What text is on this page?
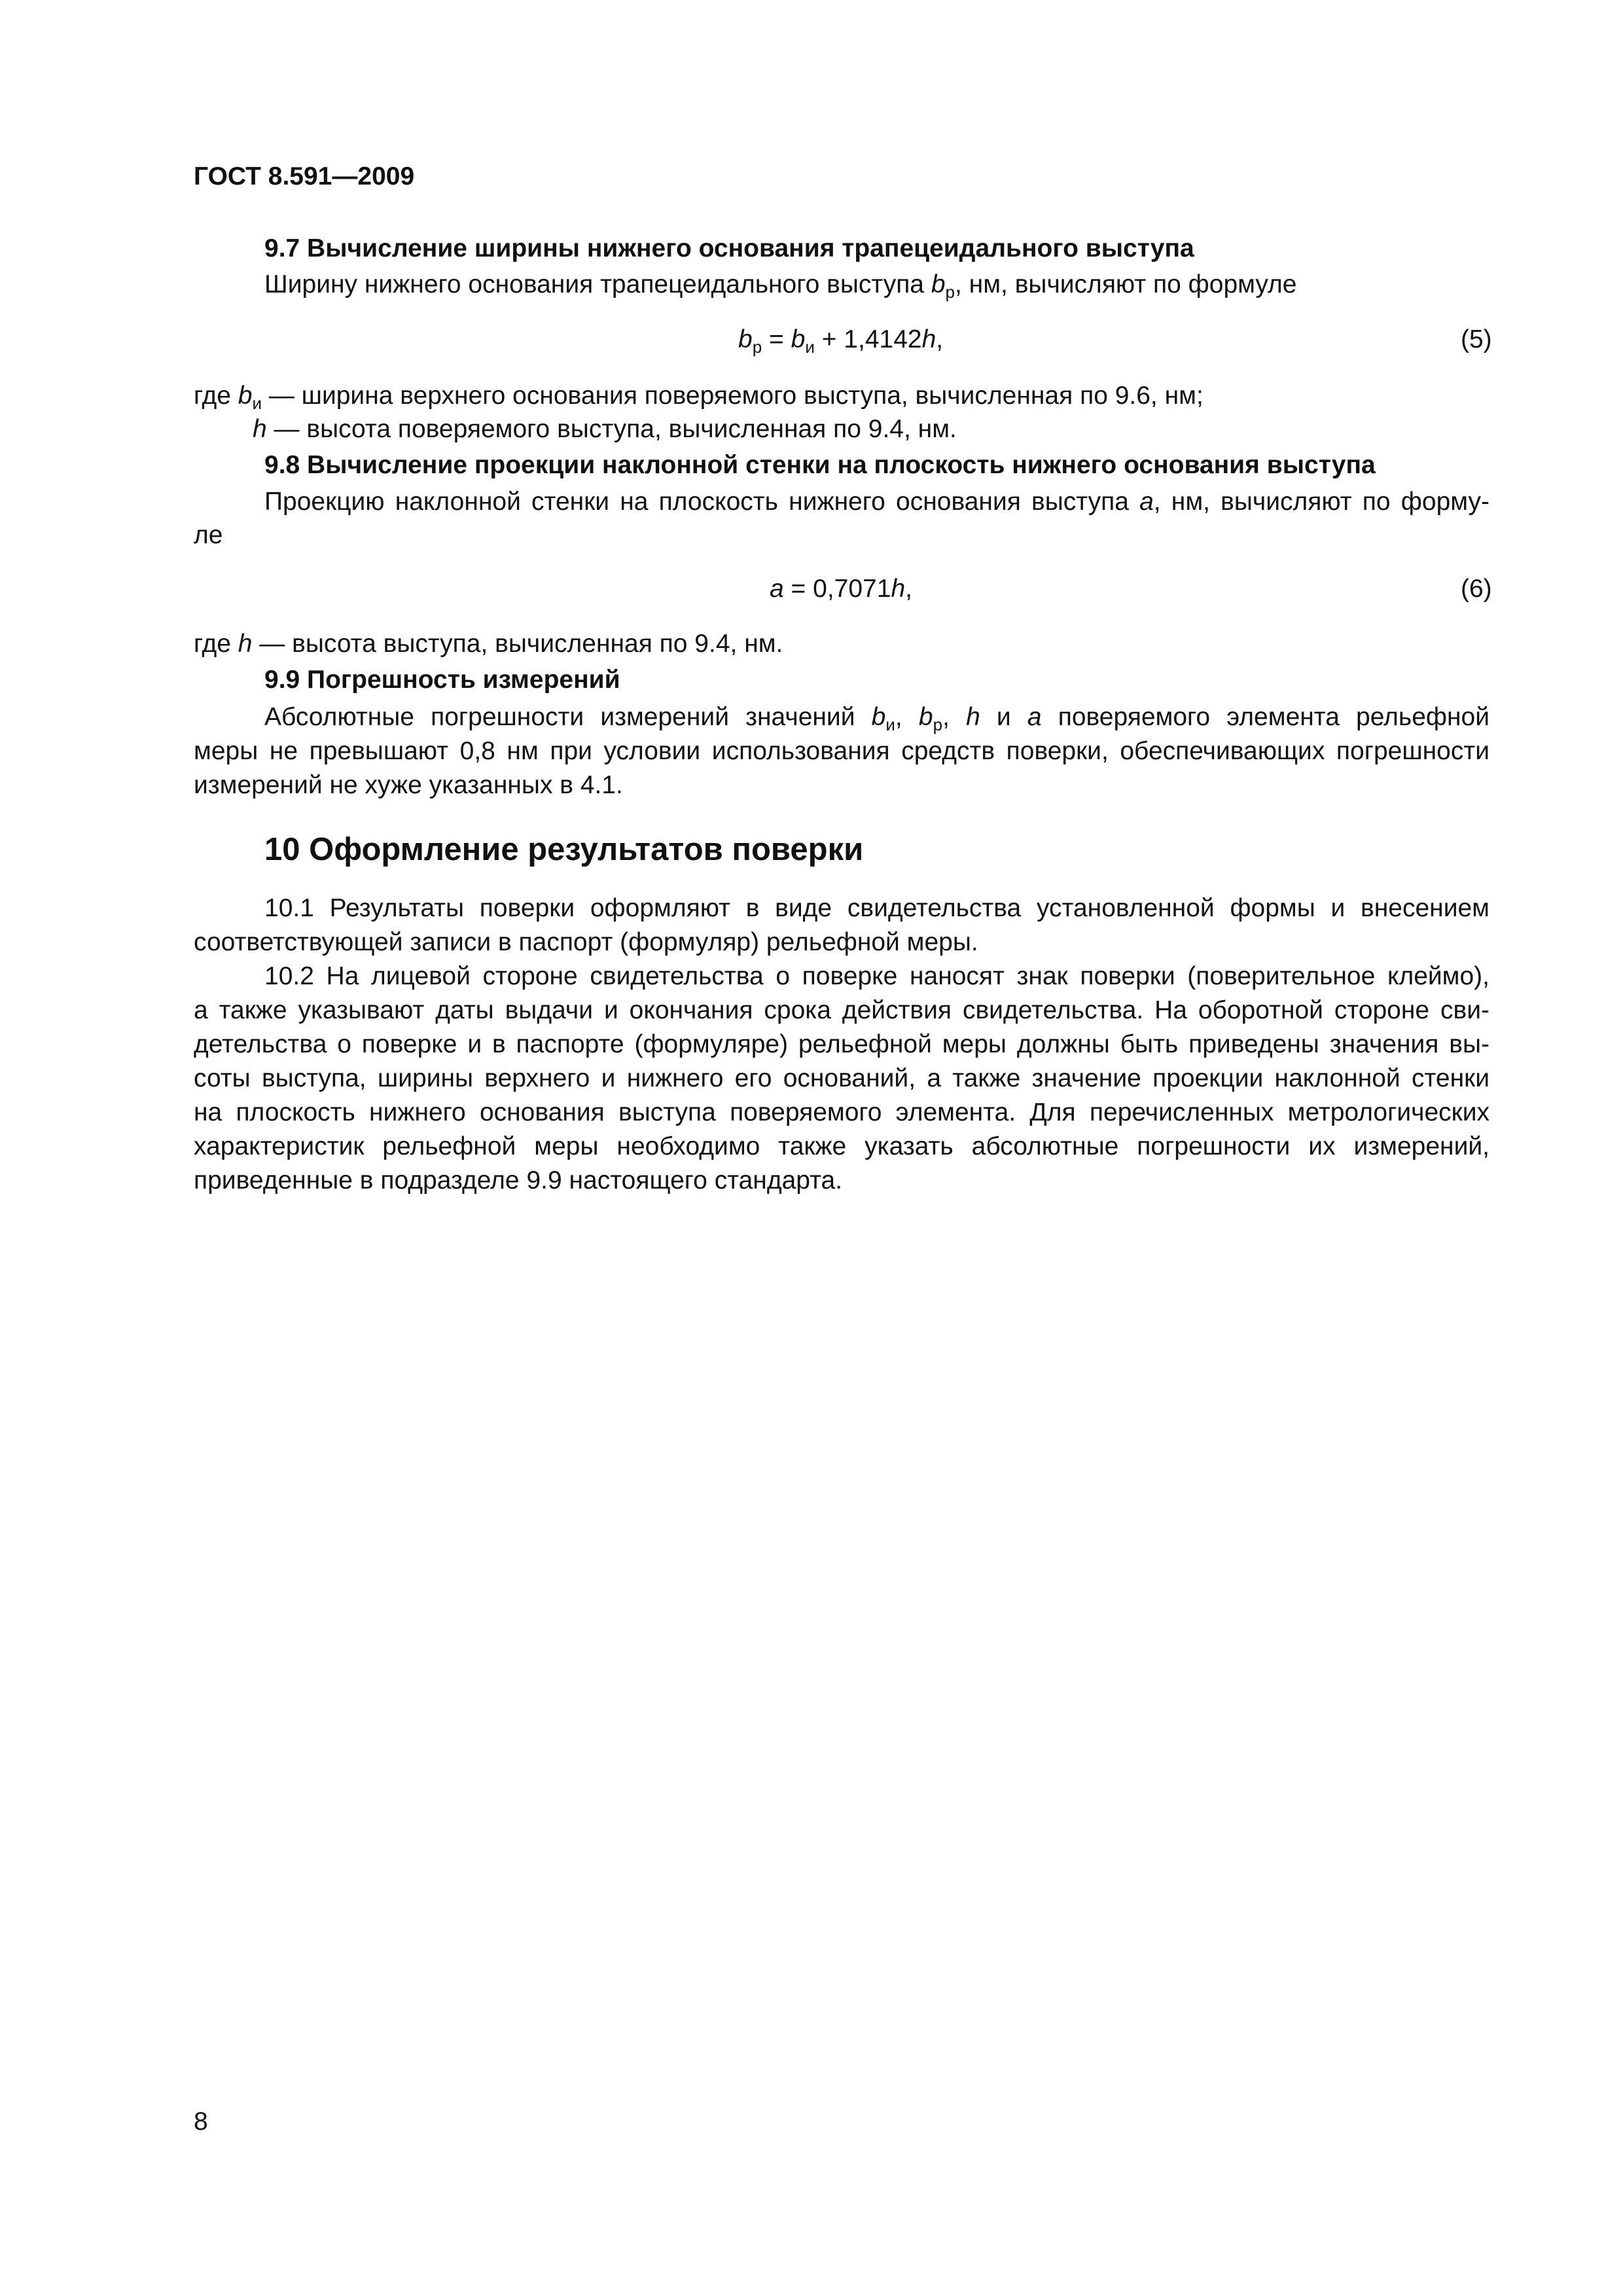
ГОСТ 8.591—2009
9.7 Вычисление ширины нижнего основания трапецеидального выступа
Ширину нижнего основания трапецеидального выступа $b_р$, нм, вычисляют по формуле
$b_р = b_и + 1,4142h$,	(5)
где $b_и$ — ширина верхнего основания поверяемого выступа, вычисленная по 9.6, нм;
h — высота поверяемого выступа, вычисленная по 9.4, нм.
9.8 Вычисление проекции наклонной стенки на плоскость нижнего основания выступа
Проекцию наклонной стенки на плоскость нижнего основания выступа а, нм, вычисляют по форму-
ле
a = 0,7071h,	(6)
где h — высота выступа, вычисленная по 9.4, нм.
9.9 Погрешность измерений
Абсолютные погрешности измерений значений $b_и$, $b_р$, h и a поверяемого элемента рельефной
меры не превышают 0,8 нм при условии использования средств поверки, обеспечивающих погрешности
измерений не хуже указанных в 4.1.
10 Оформление результатов поверки
10.1 Результаты поверки оформляют в виде свидетельства установленной формы и внесением
соответствующей записи в паспорт (формуляр) рельефной меры.
10.2 На лицевой стороне свидетельства о поверке наносят знак поверки (поверительное клеймо),
а также указывают даты выдачи и окончания срока действия свидетельства. На оборотной стороне сви-
детельства о поверке и в паспорте (формуляре) рельефной меры должны быть приведены значения вы-
соты выступа, ширины верхнего и нижнего его оснований, а также значение проекции наклонной стенки
на плоскость нижнего основания выступа поверяемого элемента. Для перечисленных метрологических
характеристик рельефной меры необходимо также указать абсолютные погрешности их измерений,
приведенные в подразделе 9.9 настоящего стандарта.
8
